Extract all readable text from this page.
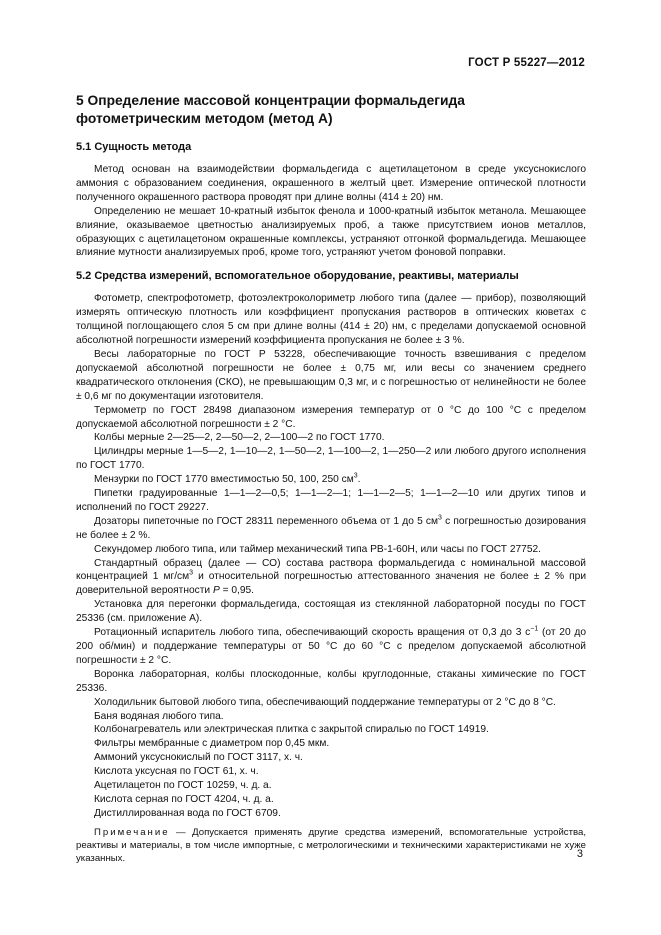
ГОСТ Р 55227—2012
5 Определение массовой концентрации формальдегида фотометрическим методом (метод А)
5.1 Сущность метода

Метод основан на взаимодействии формальдегида с ацетилацетоном в среде уксуснокислого аммония с образованием соединения, окрашенного в желтый цвет. Измерение оптической плотности полученного окрашенного раствора проводят при длине волны (414 ± 20) нм.

Определению не мешает 10-кратный избыток фенола и 1000-кратный избыток метанола. Мешающее влияние, оказываемое цветностью анализируемых проб, а также присутствием ионов металлов, образующих с ацетилацетоном окрашенные комплексы, устраняют отгонкой формальдегида. Мешающее влияние мутности анализируемых проб, кроме того, устраняют учетом фоновой поправки.

5.2 Средства измерений, вспомогательное оборудование, реактивы, материалы

Фотометр, спектрофотометр, фотоэлектроколориметр любого типа (далее — прибор), позволяющий измерять оптическую плотность или коэффициент пропускания растворов в оптических кюветах с толщиной поглощающего слоя 5 см при длине волны (414 ± 20) нм, с пределами допускаемой основной абсолютной погрешности измерений коэффициента пропускания не более ± 3 %.

Весы лабораторные по ГОСТ Р 53228, обеспечивающие точность взвешивания с пределом допускаемой абсолютной погрешности не более ± 0,75 мг, или весы со значением среднего квадратического отклонения (СКО), не превышающим 0,3 мг, и с погрешностью от нелинейности не более ± 0,6 мг по документации изготовителя.

Термометр по ГОСТ 28498 диапазоном измерения температур от 0 °С до 100 °С с пределом допускаемой абсолютной погрешности ± 2 °С.

Колбы мерные 2—25—2, 2—50—2, 2—100—2 по ГОСТ 1770.

Цилиндры мерные 1—5—2, 1—10—2, 1—50—2, 1—100—2, 1—250—2 или любого другого исполнения по ГОСТ 1770.

Мензурки по ГОСТ 1770 вместимостью 50, 100, 250 $см^3$.

Пипетки градуированные 1—1—2—0,5; 1—1—2—1; 1—1—2—5; 1—1—2—10 или других типов и исполнений по ГОСТ 29227.

Дозаторы пипеточные по ГОСТ 28311 переменного объема от 1 до 5 $см^3$ с погрешностью дозирования не более ± 2 %.

Секундомер любого типа, или таймер механический типа РВ-1-60Н, или часы по ГОСТ 27752.

Стандартный образец (далее — СО) состава раствора формальдегида с номинальной массовой концентрацией 1 $мг/см^3$ и относительной погрешностью аттестованного значения не более ± 2 % при доверительной вероятности P = 0,95.

Установка для перегонки формальдегида, состоящая из стеклянной лабораторной посуды по ГОСТ 25336 (см. приложение А).

Ротационный испаритель любого типа, обеспечивающий скорость вращения от 0,3 до 3 $с^{-1}$ (от 20 до 200 об/мин) и поддержание температуры от 50 °С до 60 °С с пределом допускаемой абсолютной погрешности ± 2 °С.

Воронка лабораторная, колбы плоскодонные, колбы круглодонные, стаканы химические по ГОСТ 25336.

Холодильник бытовой любого типа, обеспечивающий поддержание температуры от 2 °С до 8 °С.

Баня водяная любого типа.

Колбонагреватель или электрическая плитка с закрытой спиралью по ГОСТ 14919.

Фильтры мембранные с диаметром пор 0,45 мкм.

Аммоний уксуснокислый по ГОСТ 3117, х. ч.

Кислота уксусная по ГОСТ 61, х. ч.

Ацетилацетон по ГОСТ 10259, ч. д. а.

Кислота серная по ГОСТ 4204, ч. д. а.

Дистиллированная вода по ГОСТ 6709.

Примечание — Допускается применять другие средства измерений, вспомогательные устройства, реактивы и материалы, в том числе импортные, с метрологическими и техническими характеристиками не хуже указанных.	3
